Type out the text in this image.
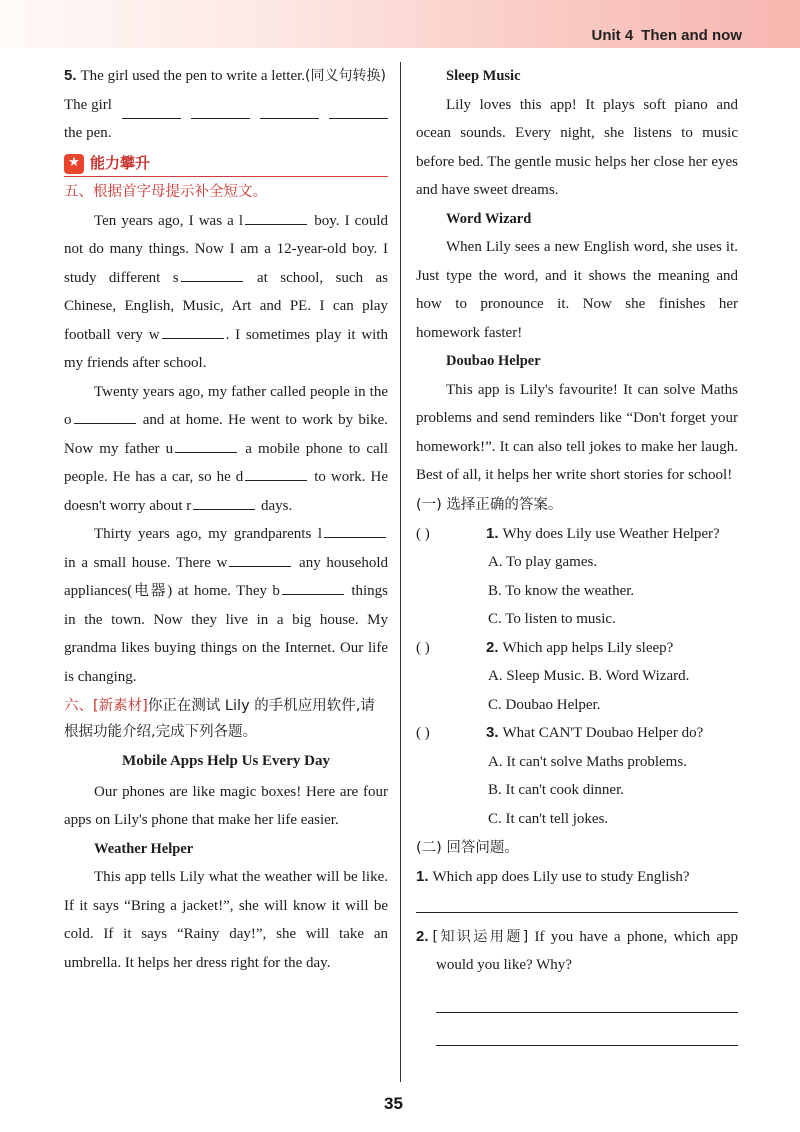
Unit 4 Then and now

5. The girl used the pen to write a letter.(同义句转换)

The girl

the pen.

★ 能力攀升
五、根据首字母提示补全短文。

Ten years ago, I was a l	boy. I could not do many things. Now I am a 12-year-old boy. I study different s	at school, such as Chinese, English, Music, Art and PE. I can play football very w	. I sometimes play it with my friends after school.

Twenty years ago, my father called people in the o	and at home. He went to work by bike. Now my father u	a mobile phone to call people. He has a car, so he d	to work. He doesn't worry about r	days.

Thirty years ago, my grandparents l in a small house. There w	any household appliances(电器) at home. They b	things in the town. Now they live in a big house. My grandma likes buying things on the Internet. Our life is changing.

六、[新素材]你正在测试 Lily 的手机应用软件,请根据功能介绍,完成下列各题。
Mobile Apps Help Us Every Day

Our phones are like magic boxes! Here are four apps on Lily's phone that make her life easier.

Weather Helper

This app tells Lily what the weather will be like. If it says “Bring a jacket!”, she will know it will be cold. If it says “Rainy day!”, she will take an umbrella. It helps her dress right for the day.

Sleep Music

Lily loves this app! It plays soft piano and ocean sounds. Every night, she listens to music before bed. The gentle music helps her close her eyes and have sweet dreams.

Word Wizard

When Lily sees a new English word, she uses it. Just type the word, and it shows the meaning and how to pronounce it. Now she finishes her homework faster!

Doubao Helper

This app is Lily's favourite! It can solve Maths problems and send reminders like “Don't forget your homework!”. It can also tell jokes to make her laugh. Best of all, it helps her write short stories for school!

(一) 选择正确的答案。
( )	1. Why does Lily use Weather Helper?
A. To play games.
B. To know the weather.
C. To listen to music.
( )	2. Which app helps Lily sleep?
A. Sleep Music. B. Word Wizard.
C. Doubao Helper.
( )	3. What CAN'T Doubao Helper do?
A. It can't solve Maths problems.
B. It can't cook dinner.
C. It can't tell jokes.
(二) 回答问题。

1. Which app does Lily use to study English?

2. [知识运用题] If you have a phone, which app would you like? Why?

35
